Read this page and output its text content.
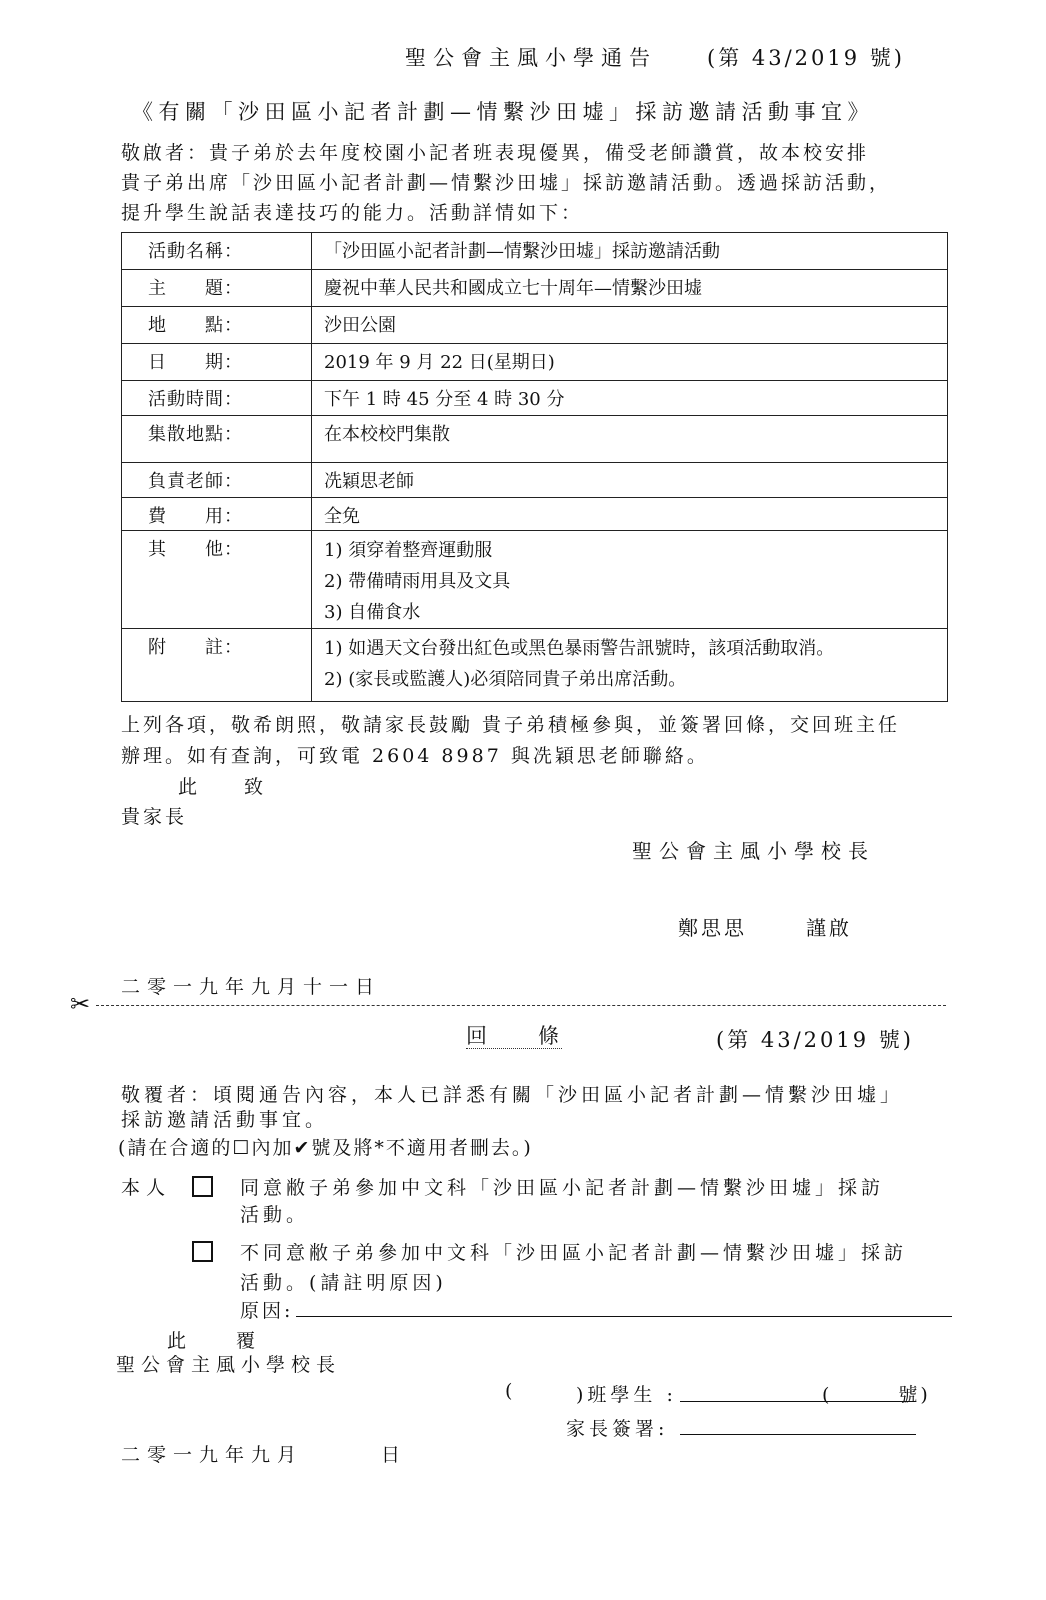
聖公會主風小學通告 (第 43/2019 號)
《有關「沙田區小記者計劃—情繫沙田墟」採訪邀請活動事宜》
敬啟者：貴子弟於去年度校園小記者班表現優異，備受老師讚賞，故本校安排
貴子弟出席「沙田區小記者計劃—情繫沙田墟」採訪邀請活動。透過採訪活動，
提升學生說話表達技巧的能力。活動詳情如下：
活動名稱：	「沙田區小記者計劃—情繫沙田墟」採訪邀請活動

主　　題：	慶祝中華人民共和國成立七十周年—情繫沙田墟

地　　點：	沙田公園

日　　期：	2019 年 9 月 22 日(星期日)

活動時間：	下午 1 時 45 分至 4 時 30 分

集散地點：	在本校校門集散

負責老師：	冼穎思老師

費　　用：	全免

其　　他：	1) 須穿着整齊運動服
2) 帶備晴雨用具及文具
3) 自備食水

附　　註：	1) 如遇天文台發出紅色或黑色暴雨警告訊號時，該項活動取消。
2) (家長或監護人)必須陪同貴子弟出席活動。
上列各項，敬希朗照，敬請家長鼓勵 貴子弟積極參與，並簽署回條，交回班主任
辦理。如有查詢，可致電 2604 8987 與冼穎思老師聯絡。
此　　致
貴家長
聖公會主風小學校長
鄭思思	謹啟
二零一九年九月十一日
✂
回　　條	(第 43/2019 號)
敬覆者：頃閱通告內容，本人已詳悉有關「沙田區小記者計劃—情繫沙田墟」
採訪邀請活動事宜。
(請在合適的☐內加✔號及將*不適用者刪去。)
本人	同意敝子弟參加中文科「沙田區小記者計劃—情繫沙田墟」採訪
活動。
不同意敝子弟參加中文科「沙田區小記者計劃—情繫沙田墟」採訪
活動。(請註明原因)
原因:
此　　覆
聖公會主風小學校長
(	)班學生 :	(　　　號)
家長簽署:
二零一九年九月　　　日
